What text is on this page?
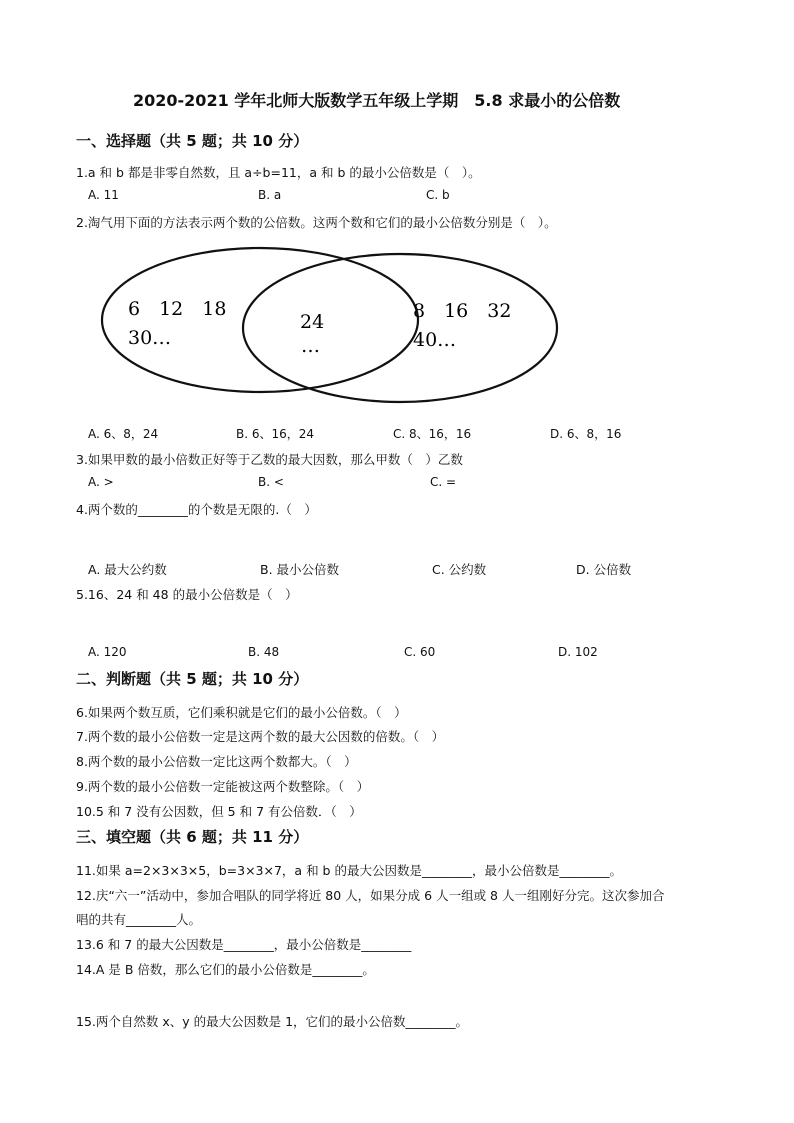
2020-2021 学年北师大版数学五年级上学期　5.8 求最小的公倍数
一、选择题（共 5 题；共 10 分）
1.a 和 b 都是非零自然数，且 a÷b=11，a 和 b 的最小公倍数是（　）。
A. 11	B. a	C. b
2.淘气用下面的方法表示两个数的公倍数。这两个数和它们的最小公倍数分别是（　）。
6　12　18
30…
24
…
8　16　32
40…
A. 6、8，24	B. 6、16，24	C. 8、16，16	D. 6、8，16
3.如果甲数的最小倍数正好等于乙数的最大因数，那么甲数（　）乙数
A. >	B. <	C. =
4.两个数的________的个数是无限的.（　）
A. 最大公约数	B. 最小公倍数	C. 公约数	D. 公倍数
5.16、24 和 48 的最小公倍数是（　）
A. 120	B. 48	C. 60	D. 102
二、判断题（共 5 题；共 10 分）
6.如果两个数互质，它们乘积就是它们的最小公倍数。（　）
7.两个数的最小公倍数一定是这两个数的最大公因数的倍数。（　）
8.两个数的最小公倍数一定比这两个数都大。（　）
9.两个数的最小公倍数一定能被这两个数整除。（　）
10.5 和 7 没有公因数，但 5 和 7 有公倍数．（　）
三、填空题（共 6 题；共 11 分）
11.如果 a=2×3×3×5，b=3×3×7，a 和 b 的最大公因数是________，最小公倍数是________。
12.庆“六一”活动中，参加合唱队的同学将近 80 人，如果分成 6 人一组或 8 人一组刚好分完。这次参加合
唱的共有________人。
13.6 和 7 的最大公因数是________，最小公倍数是________
14.A 是 B 倍数，那么它们的最小公倍数是________。
15.两个自然数 x、y 的最大公因数是 1，它们的最小公倍数________。
